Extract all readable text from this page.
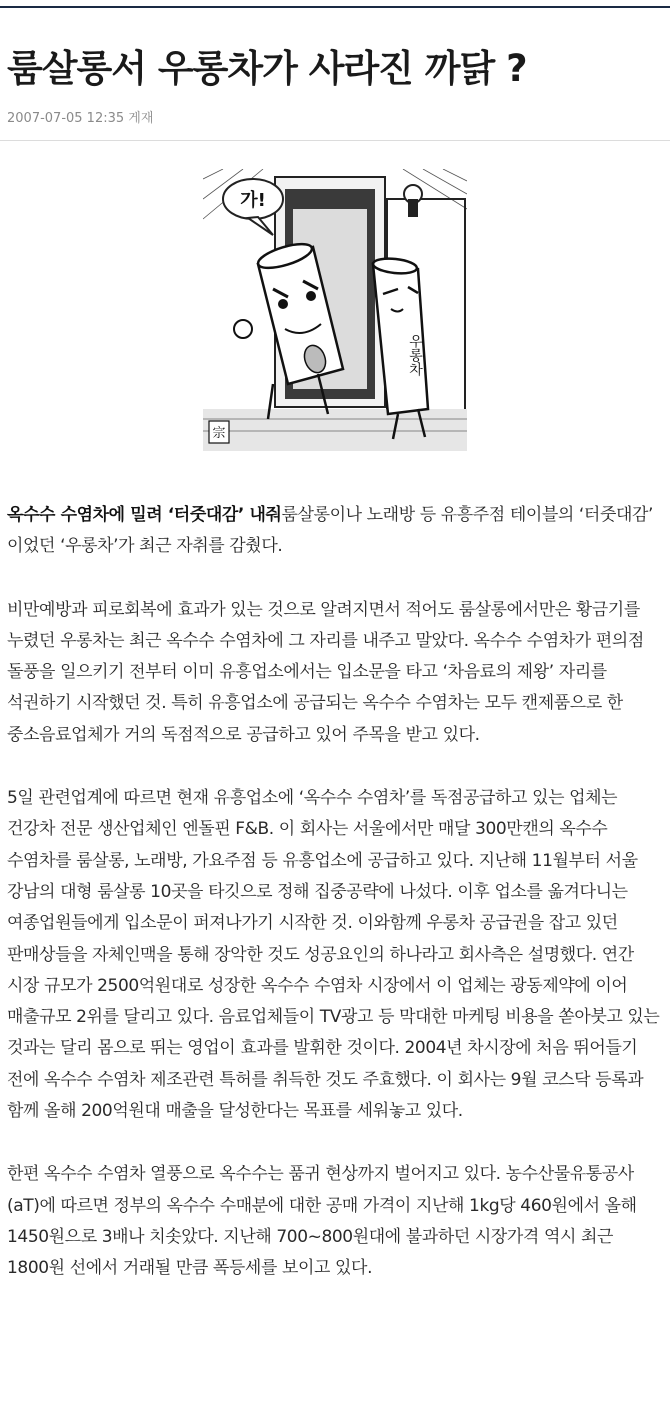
룸살롱서 우롱차가 사라진 까닭 ?
2007-07-05 12:35 게재
가!
우롱차
宗

옥수수 수염차에 밀려 ‘터줏대감’ 내줘룸살롱이나 노래방 등 유흥주점 테이블의 ‘터줏대감’ 이었던 ‘우롱차’가 최근 자취를 감췄다.

비만예방과 피로회복에 효과가 있는 것으로 알려지면서 적어도 룸살롱에서만은 황금기를 누렸던 우롱차는 최근 옥수수 수염차에 그 자리를 내주고 말았다. 옥수수 수염차가 편의점 돌풍을 일으키기 전부터 이미 유흥업소에서는 입소문을 타고 ‘차음료의 제왕’ 자리를 석권하기 시작했던 것. 특히 유흥업소에 공급되는 옥수수 수염차는 모두 캔제품으로 한 중소음료업체가 거의 독점적으로 공급하고 있어 주목을 받고 있다.

5일 관련업계에 따르면 현재 유흥업소에 ‘옥수수 수염차’를 독점공급하고 있는 업체는 건강차 전문 생산업체인 엔돌핀 F&B. 이 회사는 서울에서만 매달 300만캔의 옥수수 수염차를 룸살롱, 노래방, 가요주점 등 유흥업소에 공급하고 있다. 지난해 11월부터 서울 강남의 대형 룸살롱 10곳을 타깃으로 정해 집중공략에 나섰다. 이후 업소를 옮겨다니는 여종업원들에게 입소문이 퍼져나가기 시작한 것. 이와함께 우롱차 공급권을 잡고 있던 판매상들을 자체인맥을 통해 장악한 것도 성공요인의 하나라고 회사측은 설명했다. 연간 시장 규모가 2500억원대로 성장한 옥수수 수염차 시장에서 이 업체는 광동제약에 이어 매출규모 2위를 달리고 있다. 음료업체들이 TV광고 등 막대한 마케팅 비용을 쏟아붓고 있는 것과는 달리 몸으로 뛰는 영업이 효과를 발휘한 것이다. 2004년 차시장에 처음 뛰어들기 전에 옥수수 수염차 제조관련 특허를 취득한 것도 주효했다. 이 회사는 9월 코스닥 등록과 함께 올해 200억원대 매출을 달성한다는 목표를 세워놓고 있다.

한편 옥수수 수염차 열풍으로 옥수수는 품귀 현상까지 벌어지고 있다. 농수산물유통공사(aT)에 따르면 정부의 옥수수 수매분에 대한 공매 가격이 지난해 1kg당 460원에서 올해 1450원으로 3배나 치솟았다. 지난해 700~800원대에 불과하던 시장가격 역시 최근 1800원 선에서 거래될 만큼 폭등세를 보이고 있다.
